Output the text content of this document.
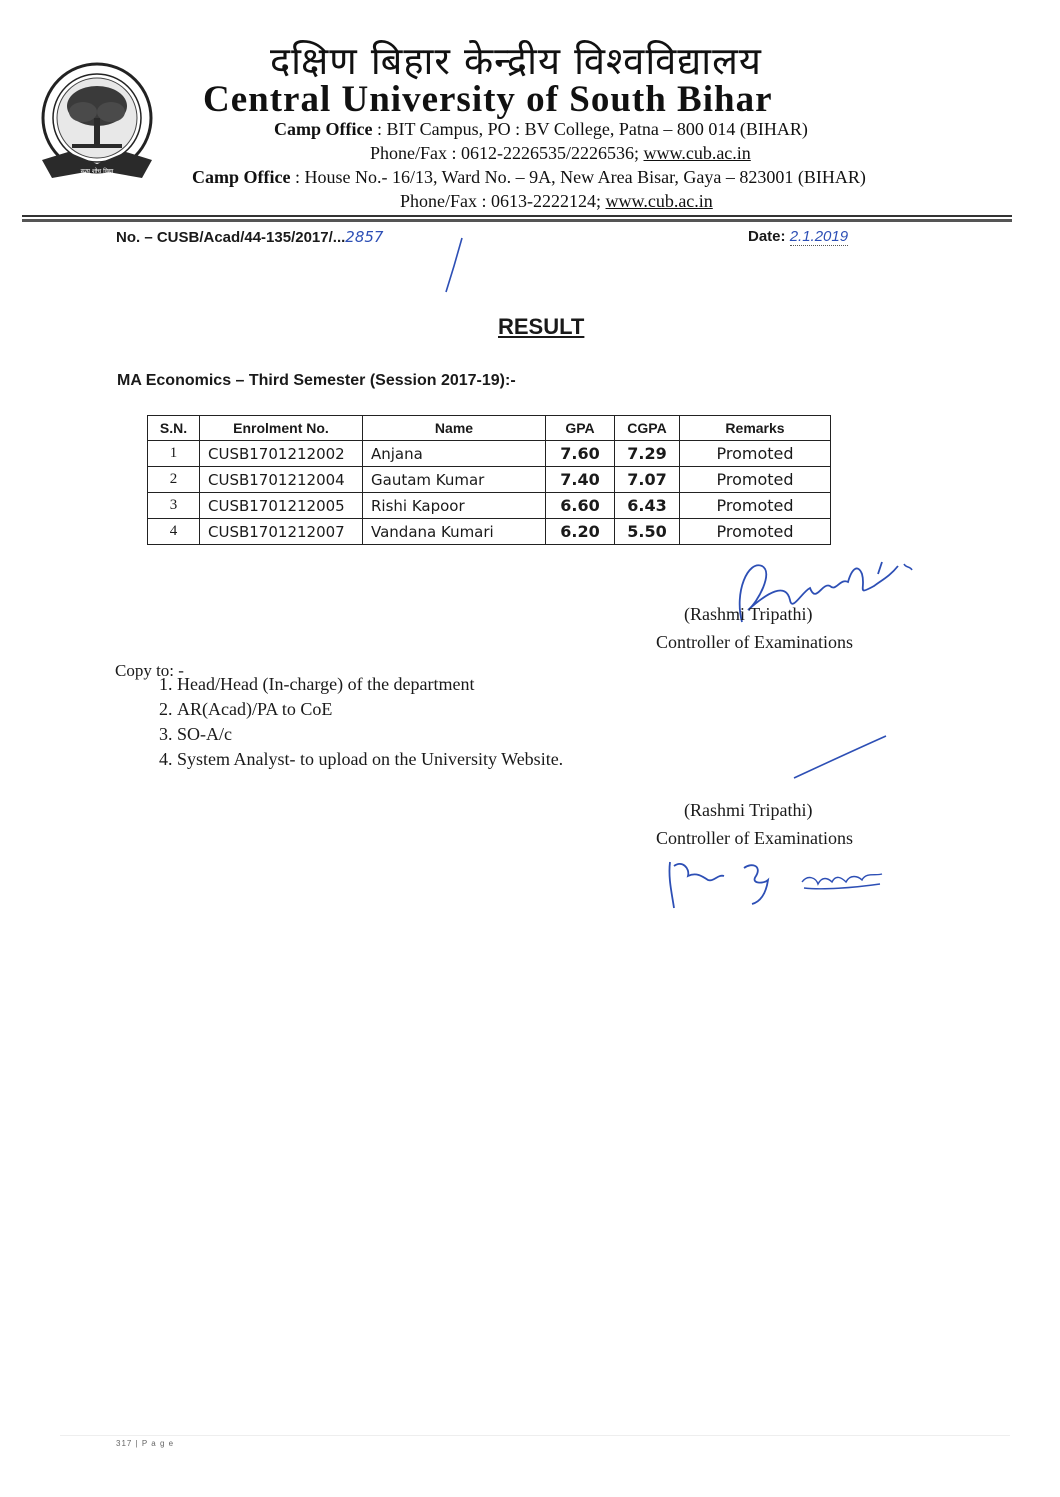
सत्य शोध विद्या
दक्षिण बिहार केन्द्रीय विश्वविद्यालय
Central University of South Bihar
Camp Office : BIT Campus, PO : BV College, Patna – 800 014 (BIHAR)
Phone/Fax : 0612-2226535/2226536; www.cub.ac.in
Camp Office : House No.- 16/13, Ward No. – 9A, New Area Bisar, Gaya – 823001 (BIHAR)
Phone/Fax : 0613-2222124; www.cub.ac.in
No. – CUSB/Acad/44-135/2017/...2857	Date: 2.1.2019
RESULT
MA Economics – Third Semester (Session 2017-19):-
S.N.	Enrolment No.	Name	GPA	CGPA	Remarks
1	CUSB1701212002	Anjana	7.60	7.29	Promoted
2	CUSB1701212004	Gautam Kumar	7.40	7.07	Promoted
3	CUSB1701212005	Rishi Kapoor	6.60	6.43	Promoted
4	CUSB1701212007	Vandana Kumari	6.20	5.50	Promoted
(Rashmi Tripathi)
Controller of Examinations
Copy to: -
1. Head/Head (In-charge) of the department
2. AR(Acad)/PA to CoE
3. SO-A/c
4. System Analyst- to upload on the University Website.
(Rashmi Tripathi)
Controller of Examinations
317 | P a g e
